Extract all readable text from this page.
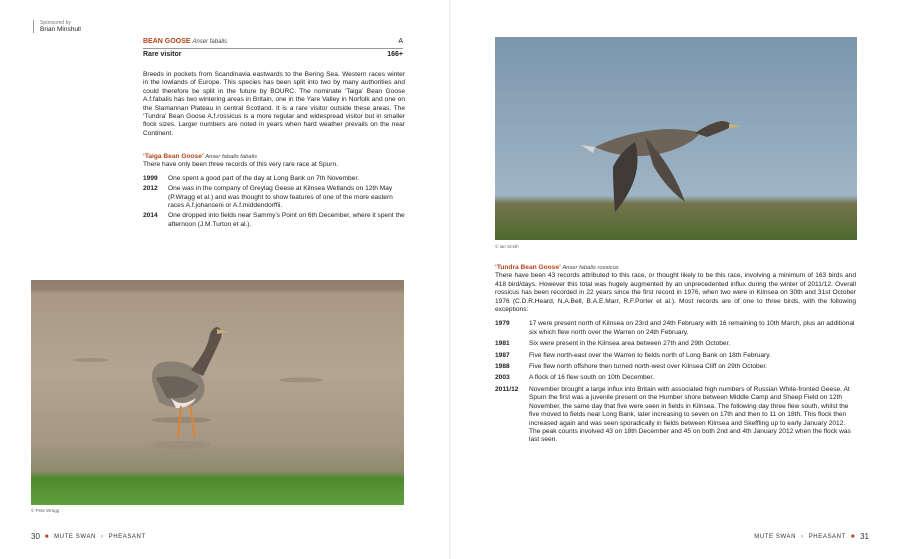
Sponsored by
Brian Minshull
BEAN GOOSE Anser fabalis	A
Rare visitor	166+

Breeds in pockets from Scandinavia eastwards to the Bering Sea. Western races winter in the lowlands of Europe. This species has been split into two by many authorities and could therefore be split in the future by BOURC. The nominate ‘Taiga’ Bean Goose A.f.fabalis has two wintering areas in Britain, one in the Yare Valley in Norfolk and one on the Slamannan Plateau in central Scotland. It is a rare visitor outside these areas. The ‘Tundra’ Bean Goose A.f.rossicus is a more regular and widespread visitor but in smaller flock sizes. Larger numbers are noted in years when hard weather prevails on the near Continent.

‘Taiga Bean Goose’ Anser fabalis fabalis
There have only been three records of this very rare race at Spurn.
1999	One spent a good part of the day at Long Bank on 7th November.
2012	One was in the company of Greylag Geese at Kilnsea Wetlands on 12th May (P.Wragg et al.) and was thought to show features of one of the more eastern races A.f.johanseni or A.f.middendorffii.
2014	One dropped into fields near Sammy’s Point on 6th December, where it spent the afternoon (J.M.Turton et al.).
© Pete Wragg
30 ■ MUTE SWAN › PHEASANT	MUTE SWAN › PHEASANT ■ 31
© Ian Smith
‘Tundra Bean Goose’ Anser fabalis rossicus
There have been 43 records attributed to this race, or thought likely to be this race, involving a minimum of 163 birds and 418 bird/days. However this total was hugely augmented by an unprecedented influx during the winter of 2011/12. Overall rossicus has been recorded in 22 years since the first record in 1976, when two were in Kilnsea on 30th and 31st October 1976 (C.D.R.Heard, N.A.Bell, B.A.E.Marr, R.F.Porter et al.). Most records are of one to three birds, with the following exceptions:
1979	17 were present north of Kilnsea on 23rd and 24th February with 16 remaining to 10th March, plus an additional six which flew north over the Warren on 24th February.
1981	Six were present in the Kilnsea area between 27th and 29th October.
1987	Five flew north-east over the Warren to fields north of Long Bank on 18th February.
1988	Five flew north offshore then turned north-west over Kilnsea Cliff on 29th October.
2003	A flock of 16 flew south on 10th December.
2011/12	November brought a large influx into Britain with associated high numbers of Russian White-fronted Geese. At Spurn the first was a juvenile present on the Humber shore between Middle Camp and Sheep Field on 12th November, the same day that five were seen in fields in Kilnsea. The following day three flew south, whilst the five moved to fields near Long Bank, later increasing to seven on 17th and then to 11 on 18th. This flock then increased again and was seen sporadically in fields between Kilnsea and Skeffling up to early January 2012. The peak counts involved 43 on 18th December and 45 on both 2nd and 4th January 2012 when the flock was last seen.
